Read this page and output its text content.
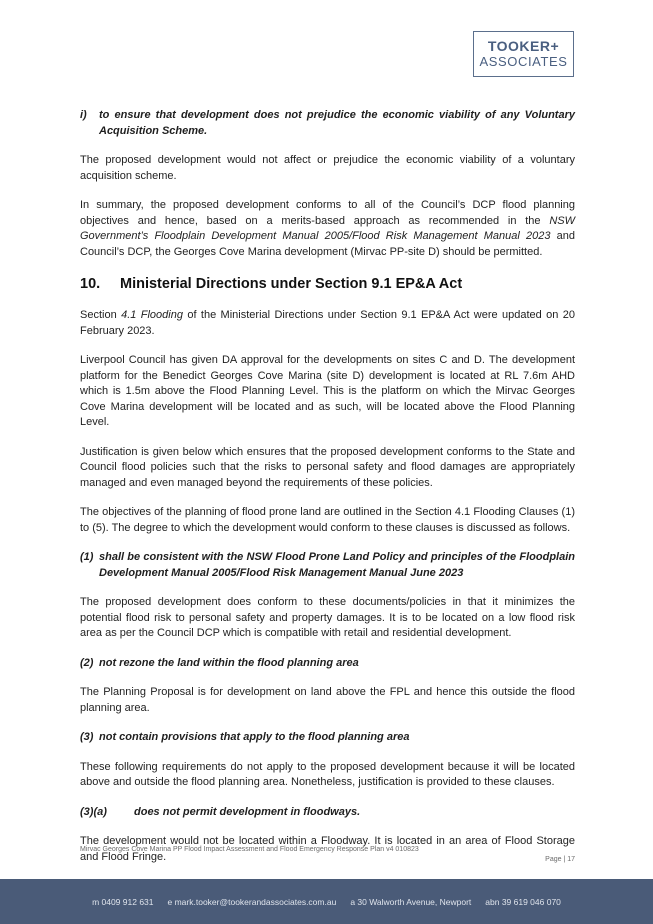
TOOKER+
ASSOCIATES

i) to ensure that development does not prejudice the economic viability of any Voluntary Acquisition Scheme.

The proposed development would not affect or prejudice the economic viability of a voluntary acquisition scheme.

In summary, the proposed development conforms to all of the Council’s DCP flood planning objectives and hence, based on a merits-based approach as recommended in the NSW Government’s Floodplain Development Manual 2005/Flood Risk Management Manual 2023 and Council’s DCP, the Georges Cove Marina development (Mirvac PP-site D) should be permitted.

10. Ministerial Directions under Section 9.1 EP&A Act

Section 4.1 Flooding of the Ministerial Directions under Section 9.1 EP&A Act were updated on 20 February 2023.

Liverpool Council has given DA approval for the developments on sites C and D. The development platform for the Benedict Georges Cove Marina (site D) development is located at RL 7.6m AHD which is 1.5m above the Flood Planning Level. This is the platform on which the Mirvac Georges Cove Marina development will be located and as such, will be located above the Flood Planning Level.

Justification is given below which ensures that the proposed development conforms to the State and Council flood policies such that the risks to personal safety and flood damages are appropriately managed and even managed beyond the requirements of these policies.

The objectives of the planning of flood prone land are outlined in the Section 4.1 Flooding Clauses (1) to (5). The degree to which the development would conform to these clauses is discussed as follows.

(1) shall be consistent with the NSW Flood Prone Land Policy and principles of the Floodplain Development Manual 2005/Flood Risk Management Manual June 2023

The proposed development does conform to these documents/policies in that it minimizes the potential flood risk to personal safety and property damages. It is to be located on a low flood risk area as per the Council DCP which is compatible with retail and residential development.

(2) not rezone the land within the flood planning area

The Planning Proposal is for development on land above the FPL and hence this outside the flood planning area.

(3) not contain provisions that apply to the flood planning area

These following requirements do not apply to the proposed development because it will be located above and outside the flood planning area. Nonetheless, justification is provided to these clauses.

(3)(a) does not permit development in floodways.

The development would not be located within a Floodway. It is located in an area of Flood Storage and Flood Fringe.

Mirvac Georges Cove Marina PP Flood Impact Assessment and Flood Emergency Response Plan v4 010823
Page | 17
m 0409 912 631 e mark.tooker@tookerandassociates.com.au a 30 Walworth Avenue, Newport abn 39 619 046 070
